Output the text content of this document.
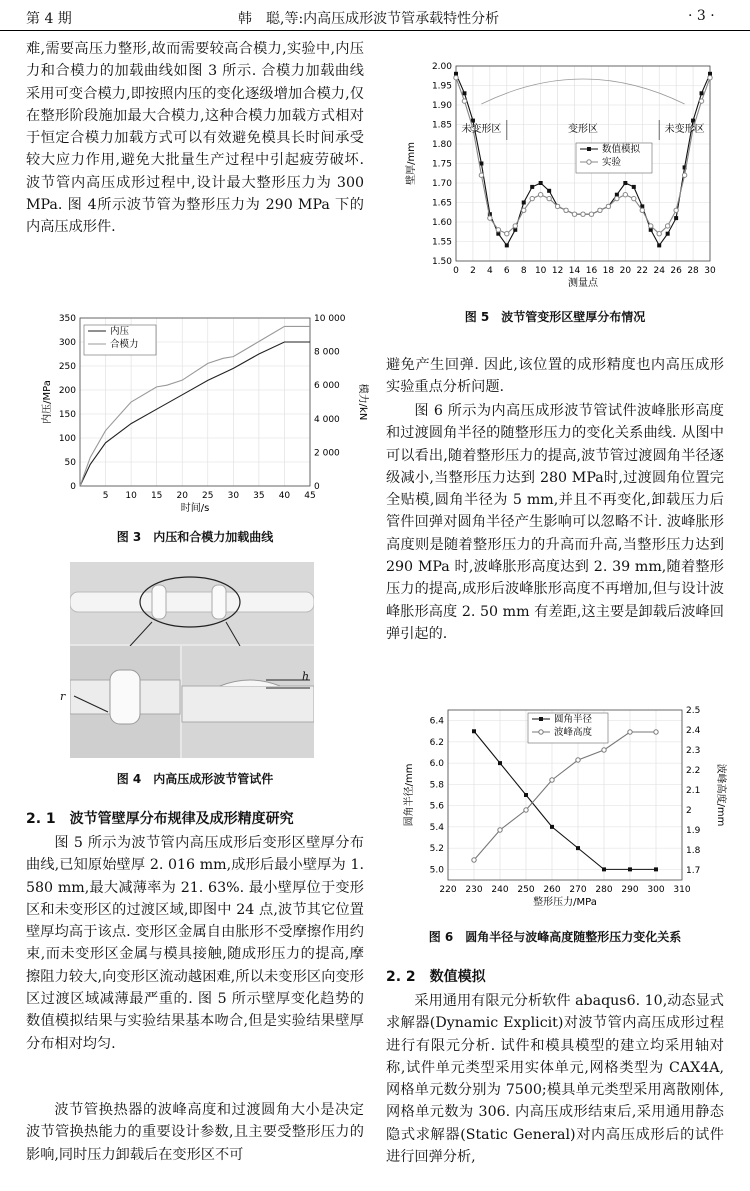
第 4 期	韩　聪,等:内高压成形波节管承载特性分析	· 3 ·

难,需要高压力整形,故而需要较高合模力,实验中,内压力和合模力的加载曲线如图 3 所示. 合模力加载曲线采用可变合模力,即按照内压的变化逐级增加合模力,仅在整形阶段施加最大合模力,这种合模力加载方式相对于恒定合模力加载方式可以有效避免模具长时间承受较大应力作用,避免大批量生产过程中引起疲劳破坏. 波节管内高压成形过程中,设计最大整形压力为 300 MPa. 图 4所示波节管为整形压力为 290 MPa 下的内高压成形件.

5 10 15 20 25 30 35 40 45
0
50
100
150
200
250
300
350
0
2 000
4 000
6 000
8 000
10 000
时间/s
内压/MPa	模力/kN
内压
合模力
图 3　内压和合模力加载曲线
r
h
图 4　内高压成形波节管试件
2. 1　波节管壁厚分布规律及成形精度研究

图 5 所示为波节管内高压成形后变形区壁厚分布曲线,已知原始壁厚 2. 016 mm,成形后最小壁厚为 1. 580 mm,最大减薄率为 21. 63%. 最小壁厚位于变形区和未变形区的过渡区域,即图中 24 点,波节其它位置壁厚均高于该点. 变形区金属自由胀形不受摩擦作用约束,而未变形区金属与模具接触,随成形压力的提高,摩擦阻力较大,向变形区流动越困难,所以未变形区向变形区过渡区域减薄最严重的. 图 5 所示壁厚变化趋势的数值模拟结果与实验结果基本吻合,但是实验结果壁厚分布相对均匀.

波节管换热器的波峰高度和过渡圆角大小是决定波节管换热能力的重要设计参数,且主要受整形压力的影响,同时压力卸载后在变形区不可

0 2 4 6 8 10 12 14 16 18 20 22 24 26 28 30
1.50
1.55
1.60
1.65
1.70
1.75
1.80
1.85
1.90
1.95
2.00
测量点
壁厚/mm	数值模拟
实验
未变形区	变形区	未变形区
图 5　波节管变形区壁厚分布情况

避免产生回弹. 因此,该位置的成形精度也内高压成形实验重点分析问题.

图 6 所示为内高压成形波节管试件波峰胀形高度和过渡圆角半径的随整形压力的变化关系曲线. 从图中可以看出,随着整形压力的提高,波节管过渡圆角半径逐级减小,当整形压力达到 280 MPa时,过渡圆角位置完全贴模,圆角半径为 5 mm,并且不再变化,卸载压力后管件回弹对圆角半径产生影响可以忽略不计. 波峰胀形高度则是随着整形压力的升高而升高,当整形压力达到 290 MPa 时,波峰胀形高度达到 2. 39 mm,随着整形压力的提高,成形后波峰胀形高度不再增加,但与设计波峰胀形高度 2. 50 mm 有差距,这主要是卸载后波峰回弹引起的.

220 230 240 250 260 270 280 290 300 310
5.0
5.2
5.4
5.6
5.8
6.0
6.2
6.4
1.7
1.8
1.9
2
2.1
2.2
2.3
2.4
2.5
整形压力/MPa
圆角半径/mm	波峰高度/mm
圆角半径
波峰高度
图 6　圆角半径与波峰高度随整形压力变化关系
2. 2　数值模拟

采用通用有限元分析软件 abaqus6. 10,动态显式求解器(Dynamic Explicit)对波节管内高压成形过程进行有限元分析. 试件和模具模型的建立均采用轴对称,试件单元类型采用实体单元,网格类型为 CAX4A,网格单元数分别为 7500;模具单元类型采用离散刚体,网格单元数为 306. 内高压成形结束后,采用通用静态隐式求解器(Static General)对内高压成形后的试件进行回弹分析,
